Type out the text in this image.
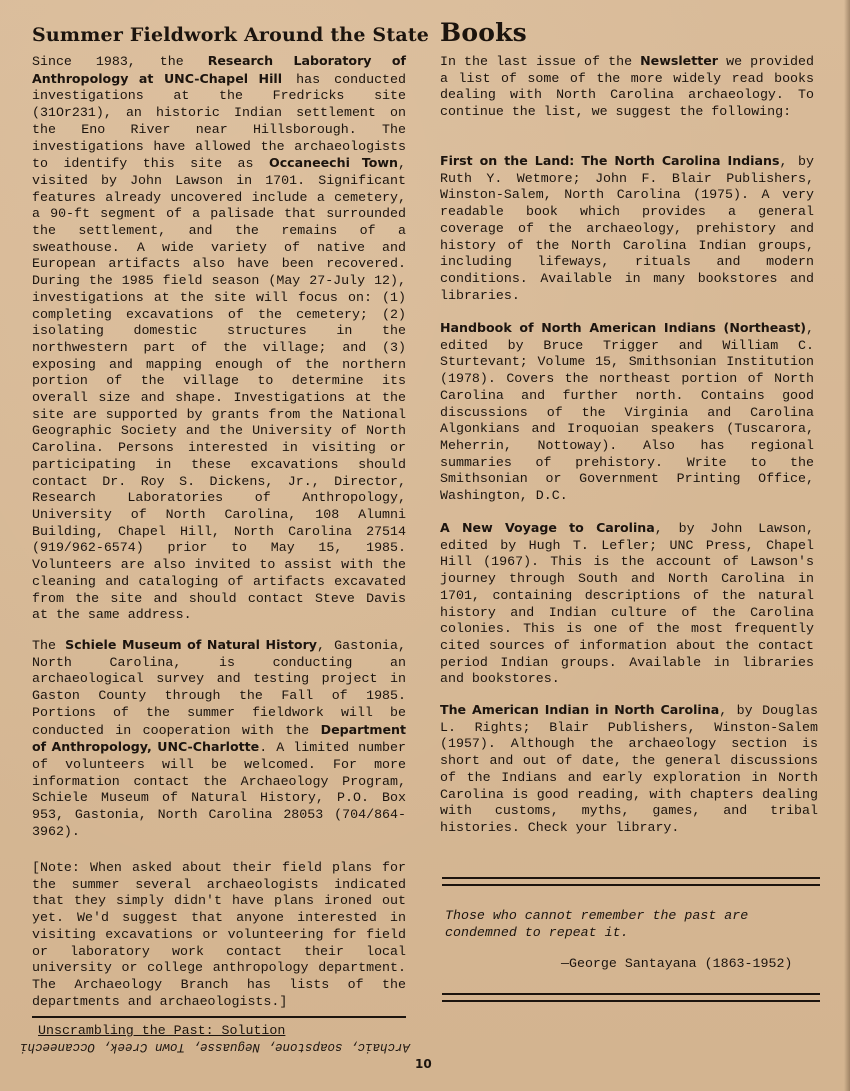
Summer Fieldwork Around the State

Since 1983, the Research Laboratory of Anthropology at UNC-Chapel Hill has conducted investigations at the Fredricks site (31Or231), an historic Indian settlement on the Eno River near Hillsborough. The investigations have allowed the archaeologists to identify this site as Occaneechi Town, visited by John Lawson in 1701. Significant features already uncovered include a cemetery, a 90-ft segment of a palisade that surrounded the settlement, and the remains of a sweathouse. A wide variety of native and European artifacts also have been recovered. During the 1985 field season (May 27-July 12), investigations at the site will focus on: (1) completing excavations of the cemetery; (2) isolating domestic structures in the northwestern part of the village; and (3) exposing and mapping enough of the northern portion of the village to determine its overall size and shape. Investigations at the site are supported by grants from the National Geographic Society and the University of North Carolina. Persons interested in visiting or participating in these excavations should contact Dr. Roy S. Dickens, Jr., Director, Research Laboratories of Anthropology, University of North Carolina, 108 Alumni Building, Chapel Hill, North Carolina 27514 (919/962-6574) prior to May 15, 1985. Volunteers are also invited to assist with the cleaning and cataloging of artifacts excavated from the site and should contact Steve Davis at the same address.

The Schiele Museum of Natural History, Gastonia, North Carolina, is conducting an archaeological survey and testing project in Gaston County through the Fall of 1985. Portions of the summer fieldwork will be conducted in cooperation with the Department of Anthropology, UNC-Charlotte. A limited number of volunteers will be welcomed. For more information contact the Archaeology Program, Schiele Museum of Natural History, P.O. Box 953, Gastonia, North Carolina 28053 (704/864-3962).

[Note: When asked about their field plans for the summer several archaeologists indicated that they simply didn't have plans ironed out yet. We'd suggest that anyone interested in visiting excavations or volunteering for field or laboratory work contact their local university or college anthropology department. The Archaeology Branch has lists of the departments and archaeologists.]

Unscrambling the Past: Solution
Archaic, soapstone, Neguasse, Town Creek, Occaneechi
Books

In the last issue of the Newsletter we provided a list of some of the more widely read books dealing with North Carolina archaeology. To continue the list, we suggest the following:

First on the Land: The North Carolina Indians, by Ruth Y. Wetmore; John F. Blair Publishers, Winston-Salem, North Carolina (1975). A very readable book which provides a general coverage of the archaeology, prehistory and history of the North Carolina Indian groups, including lifeways, rituals and modern conditions. Available in many bookstores and libraries.

Handbook of North American Indians (Northeast), edited by Bruce Trigger and William C. Sturtevant; Volume 15, Smithsonian Institution (1978). Covers the northeast portion of North Carolina and further north. Contains good discussions of the Virginia and Carolina Algonkians and Iroquoian speakers (Tuscarora, Meherrin, Nottoway). Also has regional summaries of prehistory. Write to the Smithsonian or Government Printing Office, Washington, D.C.

A New Voyage to Carolina, by John Lawson, edited by Hugh T. Lefler; UNC Press, Chapel Hill (1967). This is the account of Lawson's journey through South and North Carolina in 1701, containing descriptions of the natural history and Indian culture of the Carolina colonies. This is one of the most frequently cited sources of information about the contact period Indian groups. Available in libraries and bookstores.

The American Indian in North Carolina, by Douglas L. Rights; Blair Publishers, Winston-Salem (1957). Although the archaeology section is short and out of date, the general discussions of the Indians and early exploration in North Carolina is good reading, with chapters dealing with customs, myths, games, and tribal histories. Check your library.

Those who cannot remember the past are condemned to repeat it.
—George Santayana (1863-1952)
10
